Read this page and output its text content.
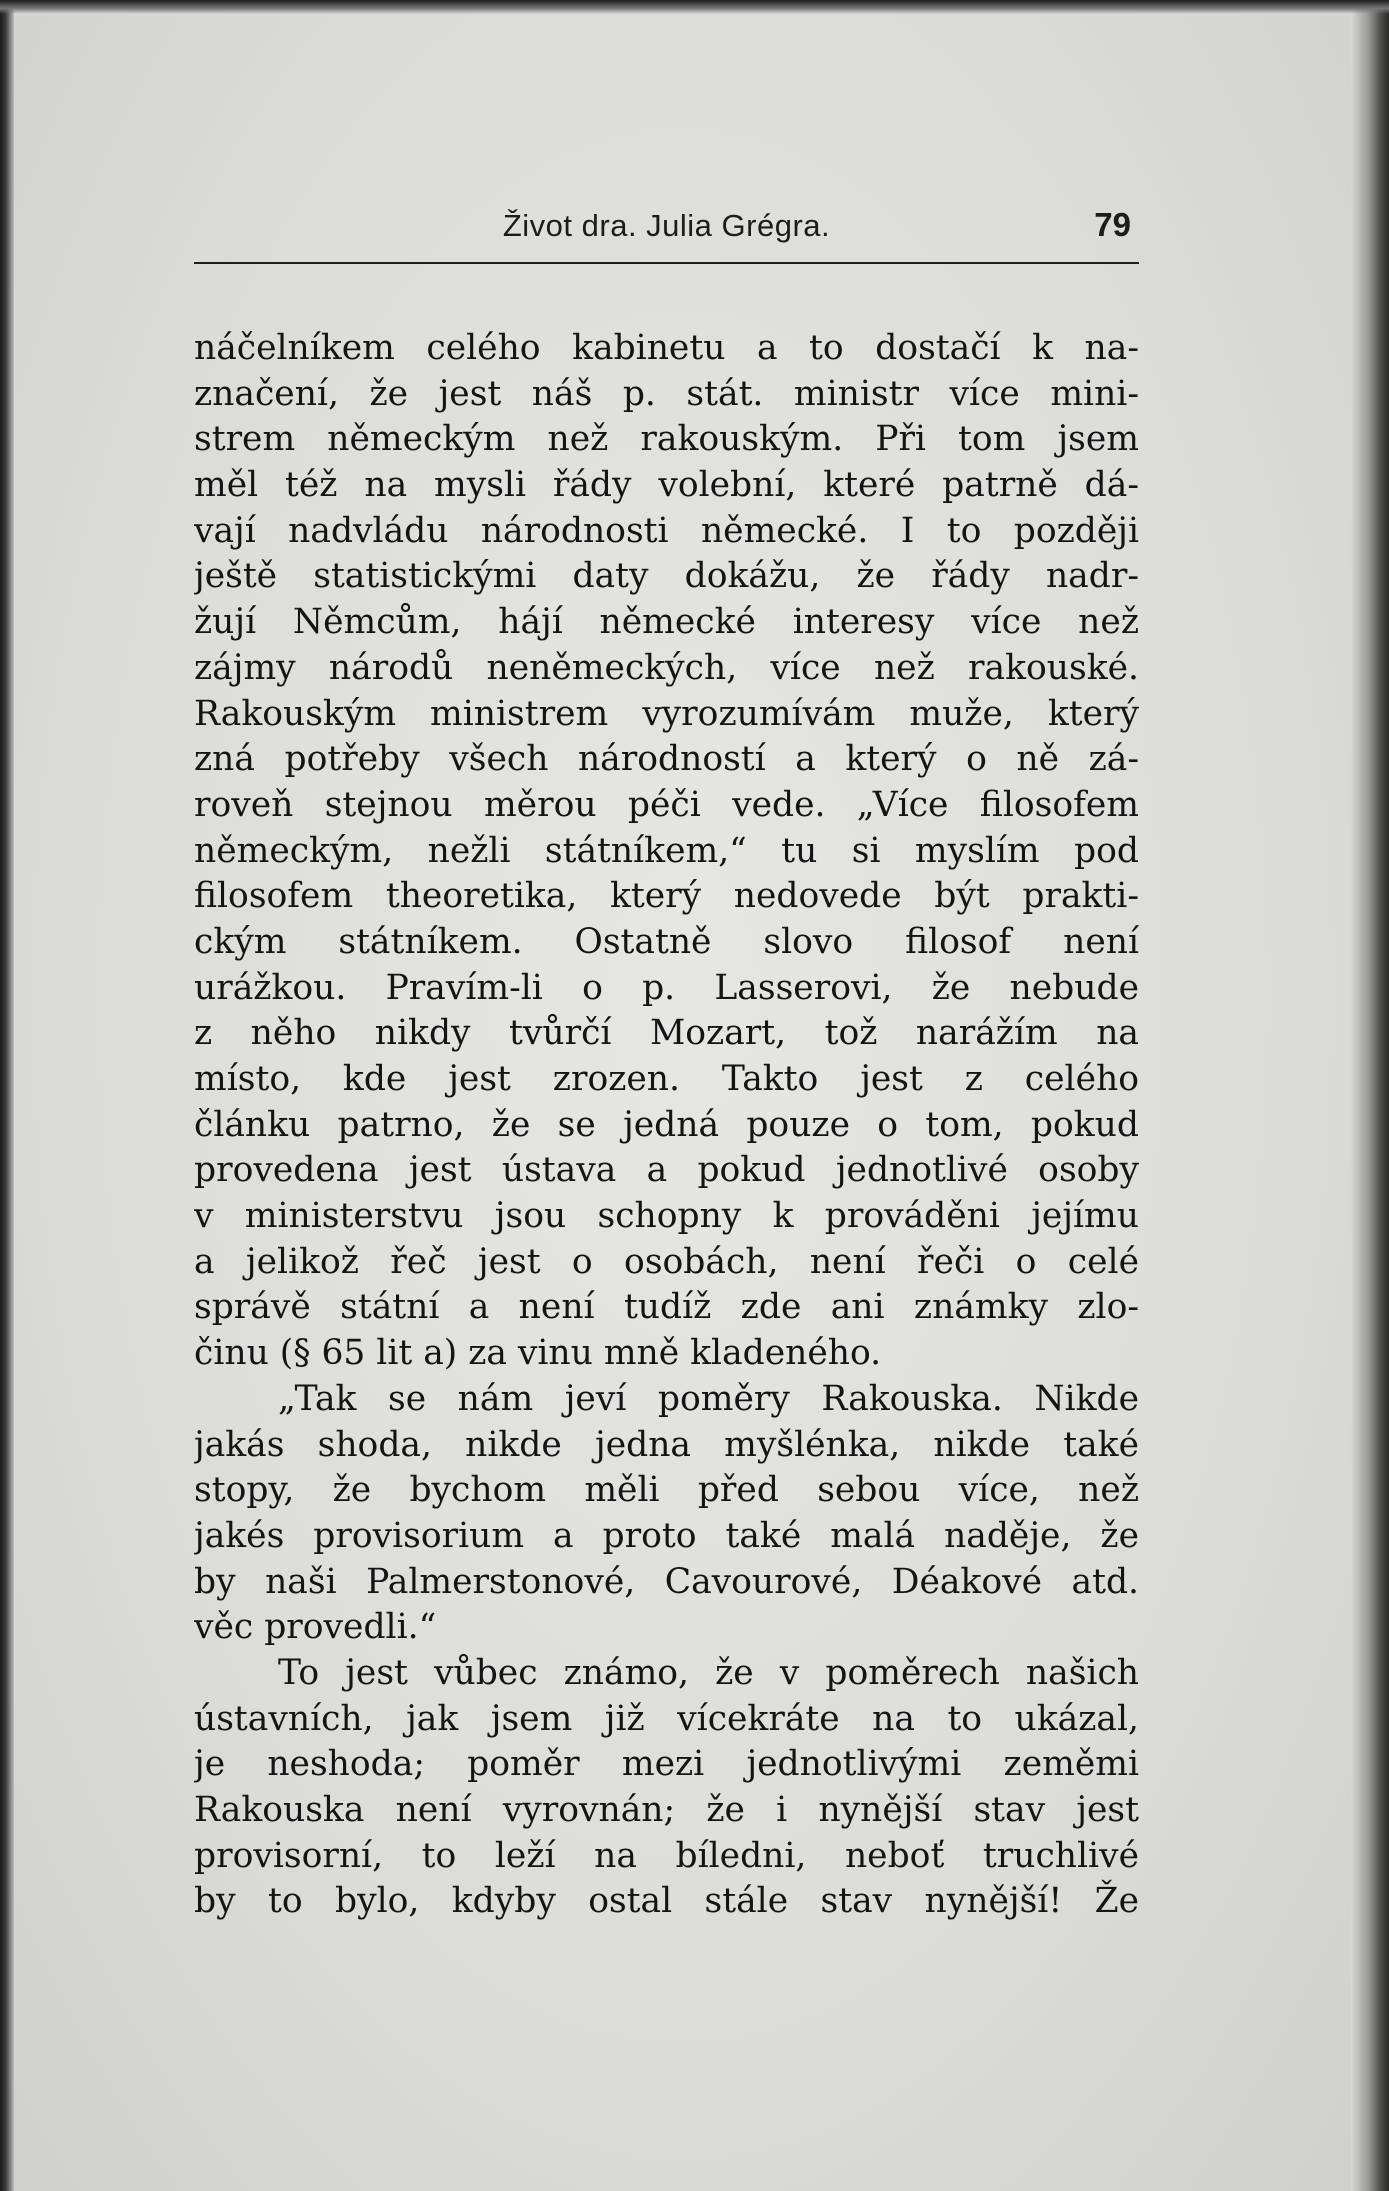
Život dra. Julia Grégra.	79
náčelníkem celého kabinetu a to dostačí k na-
značení, že jest náš p. stát. ministr více mini-
strem německým než rakouským. Při tom jsem
měl též na mysli řády volební, které patrně dá-
vají nadvládu národnosti německé. I to později
ještě statistickými daty dokážu, že řády nadr-
žují Němcům, hájí německé interesy více než
zájmy národů neněmeckých, více než rakouské.
Rakouským ministrem vyrozumívám muže, který
zná potřeby všech národností a který o ně zá-
roveň stejnou měrou péči vede. „Více filosofem
německým, nežli státníkem,“ tu si myslím pod
filosofem theoretika, který nedovede být prakti-
ckým státníkem. Ostatně slovo filosof není
urážkou. Pravím-li o p. Lasserovi, že nebude
z něho nikdy tvůrčí Mozart, tož narážím na
místo, kde jest zrozen. Takto jest z celého
článku patrno, že se jedná pouze o tom, pokud
provedena jest ústava a pokud jednotlivé osoby
v ministerstvu jsou schopny k prováděni jejímu
a jelikož řeč jest o osobách, není řeči o celé
správě státní a není tudíž zde ani známky zlo-
činu (§ 65 lit a) za vinu mně kladeného.
„Tak se nám jeví poměry Rakouska. Nikde
jakás shoda, nikde jedna myšlénka, nikde také
stopy, že bychom měli před sebou více, než
jakés provisorium a proto také malá naděje, že
by naši Palmerstonové, Cavourové, Déakové atd.
věc provedli.“
To jest vůbec známo, že v poměrech našich
ústavních, jak jsem již vícekráte na to ukázal,
je neshoda; poměr mezi jednotlivými zeměmi
Rakouska není vyrovnán; že i nynější stav jest
provisorní, to leží na bíledni, neboť truchlivé
by to bylo, kdyby ostal stále stav nynější! Že
